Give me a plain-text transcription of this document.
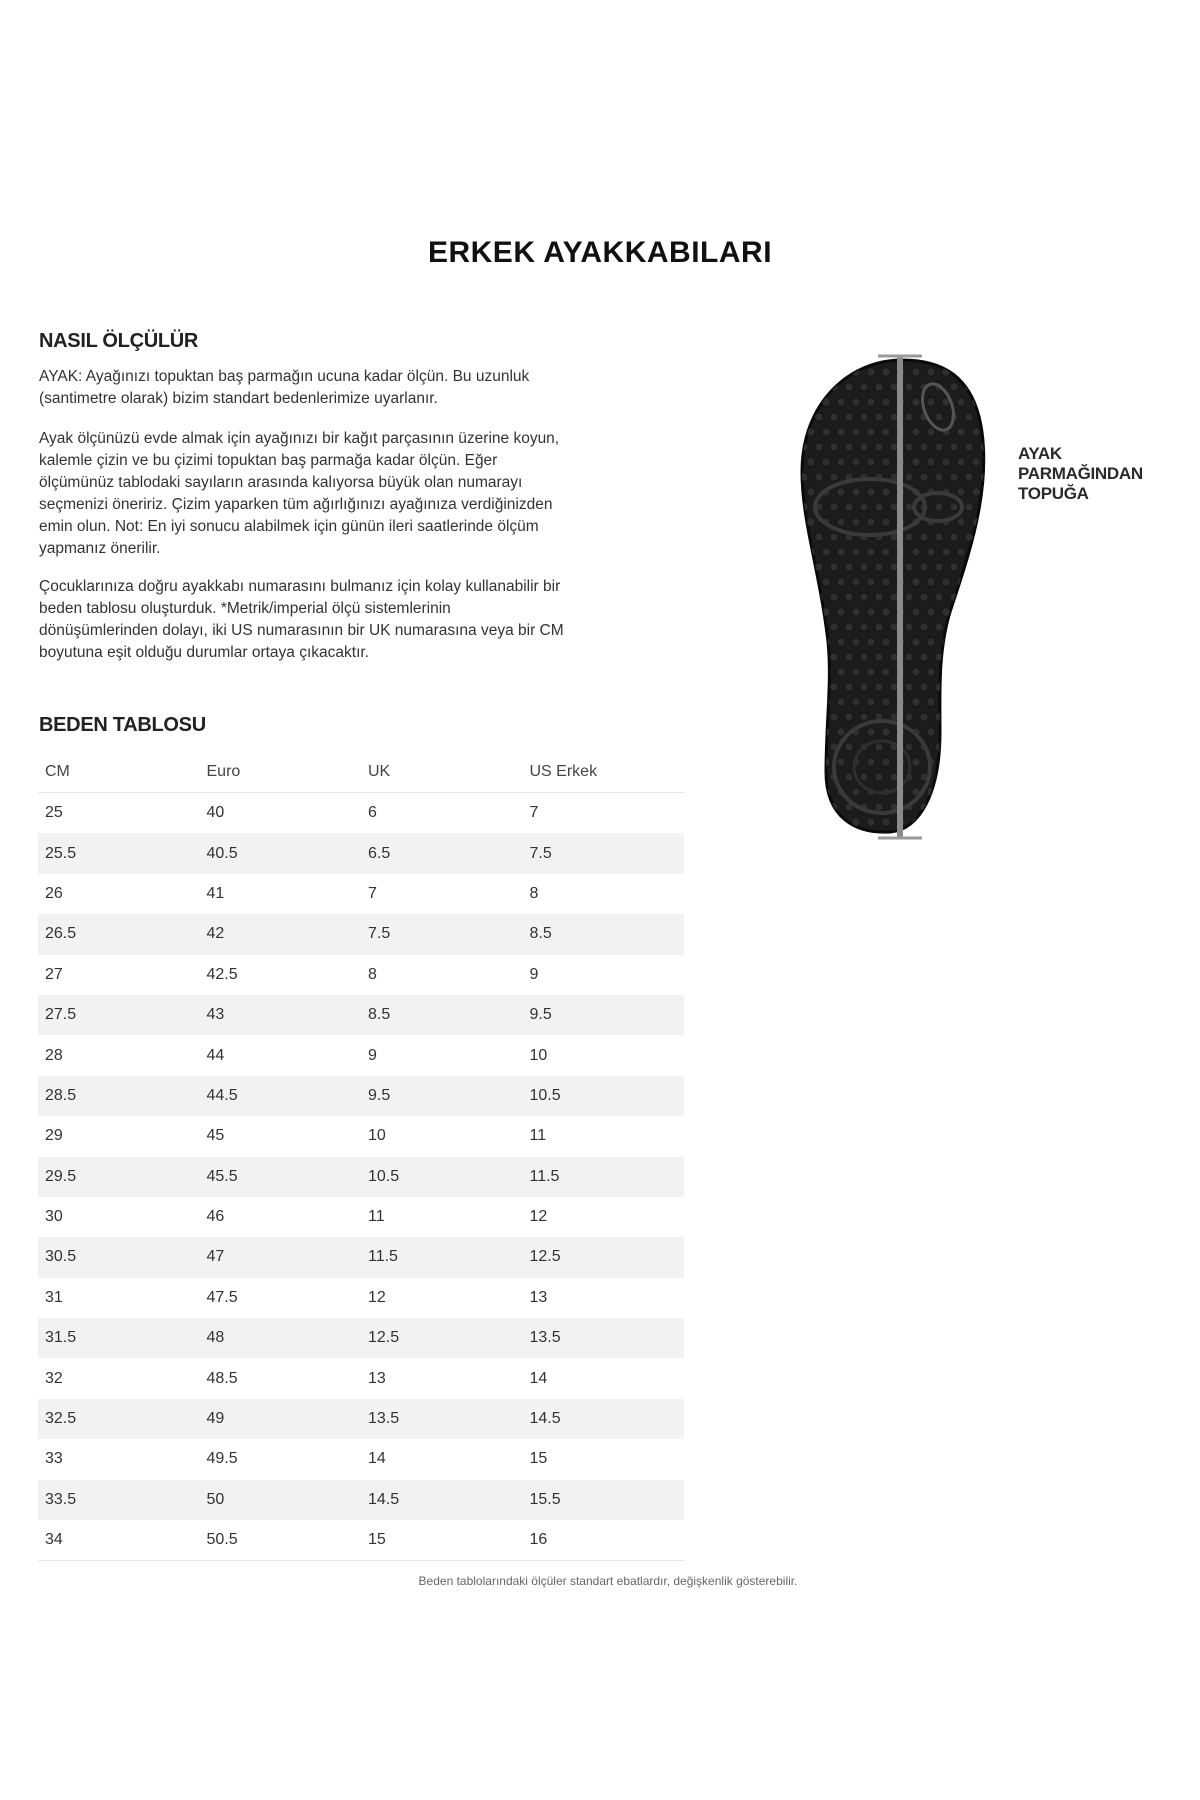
ERKEK AYAKKABILARI
NASIL ÖLÇÜLÜR

AYAK: Ayağınızı topuktan baş parmağın ucuna kadar ölçün. Bu uzunluk
(santimetre olarak) bizim standart bedenlerimize uyarlanır.

Ayak ölçünüzü evde almak için ayağınızı bir kağıt parçasının üzerine koyun,
kalemle çizin ve bu çizimi topuktan baş parmağa kadar ölçün. Eğer
ölçümünüz tablodaki sayıların arasında kalıyorsa büyük olan numarayı
seçmenizi öneririz. Çizim yaparken tüm ağırlığınızı ayağınıza verdiğinizden
emin olun. Not: En iyi sonucu alabilmek için günün ileri saatlerinde ölçüm
yapmanız önerilir.

Çocuklarınıza doğru ayakkabı numarasını bulmanız için kolay kullanabilir bir
beden tablosu oluşturduk. *Metrik/imperial ölçü sistemlerinin
dönüşümlerinden dolayı, iki US numarasının bir UK numarasına veya bir CM
boyutuna eşit olduğu durumlar ortaya çıkacaktır.

BEDEN TABLOSU
CM	Euro	UK	US Erkek
25	40	6	7
25.5	40.5	6.5	7.5
26	41	7	8
26.5	42	7.5	8.5
27	42.5	8	9
27.5	43	8.5	9.5
28	44	9	10
28.5	44.5	9.5	10.5
29	45	10	11
29.5	45.5	10.5	11.5
30	46	11	12
30.5	47	11.5	12.5
31	47.5	12	13
31.5	48	12.5	13.5
32	48.5	13	14
32.5	49	13.5	14.5
33	49.5	14	15
33.5	50	14.5	15.5
34	50.5	15	16
Beden tablolarındaki ölçüler standart ebatlardır, değişkenlik gösterebilir.
AYAK
PARMAĞINDAN
TOPUĞA
